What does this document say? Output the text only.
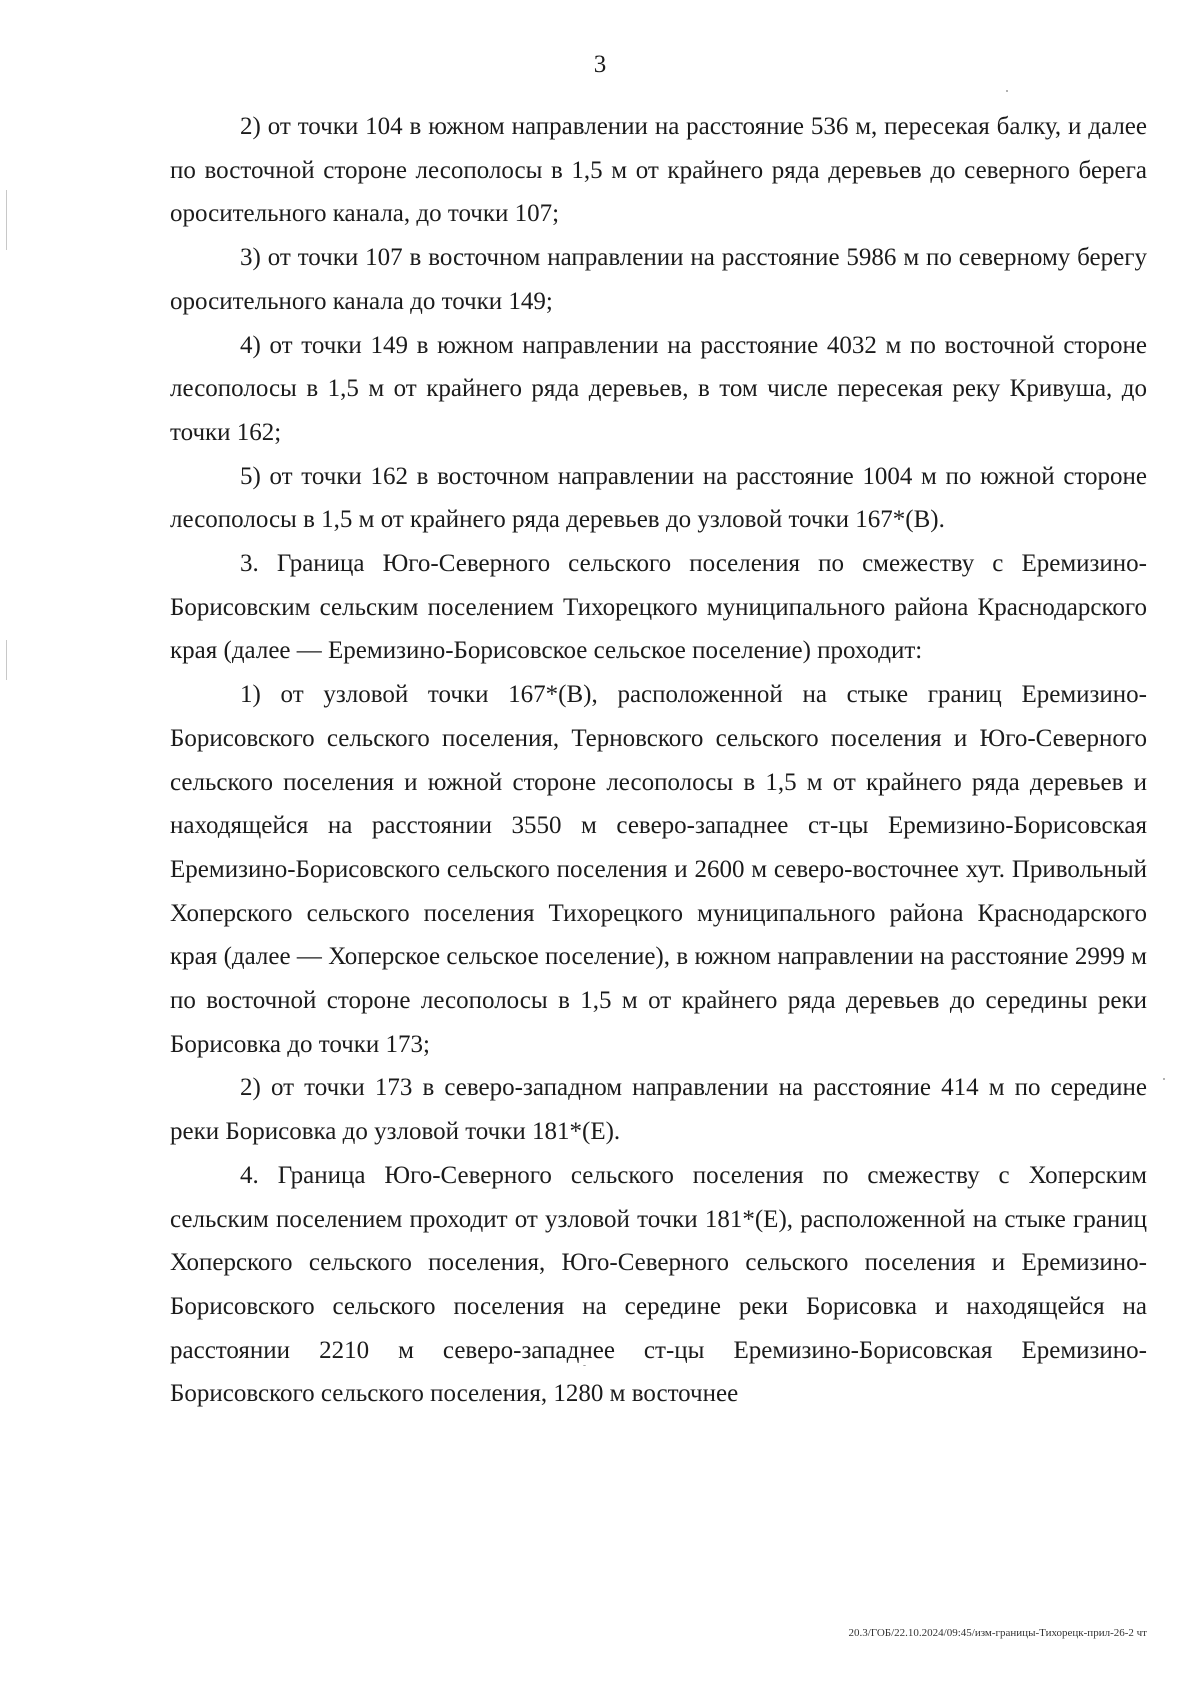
3

2) от точки 104 в южном направлении на расстояние 536 м, пересекая балку, и далее по восточной стороне лесополосы в 1,5 м от крайнего ряда деревьев до северного берега оросительного канала, до точки 107;

3) от точки 107 в восточном направлении на расстояние 5986 м по северному берегу оросительного канала до точки 149;

4) от точки 149 в южном направлении на расстояние 4032 м по восточной стороне лесополосы в 1,5 м от крайнего ряда деревьев, в том числе пересекая реку Кривуша, до точки 162;

5) от точки 162 в восточном направлении на расстояние 1004 м по южной стороне лесополосы в 1,5 м от крайнего ряда деревьев до узловой точки 167*(В).

3. Граница Юго-Северного сельского поселения по смежеству с Еремизино-Борисовским сельским поселением Тихорецкого муниципального района Краснодарского края (далее — Еремизино-Борисовское сельское поселение) проходит:

1) от узловой точки 167*(В), расположенной на стыке границ Еремизино-Борисовского сельского поселения, Терновского сельского поселения и Юго-Северного сельского поселения и южной стороне лесополосы в 1,5 м от крайнего ряда деревьев и находящейся на расстоянии 3550 м северо-западнее ст-цы Еремизино-Борисовская Еремизино-Борисовского сельского поселения и 2600 м северо-восточнее хут. Привольный Хоперского сельского поселения Тихорецкого муниципального района Краснодарского края (далее — Хоперское сельское поселение), в южном направлении на расстояние 2999 м по восточной стороне лесополосы в 1,5 м от крайнего ряда деревьев до середины реки Борисовка до точки 173;

2) от точки 173 в северо-западном направлении на расстояние 414 м по середине реки Борисовка до узловой точки 181*(Е).

4. Граница Юго-Северного сельского поселения по смежеству с Хоперским сельским поселением проходит от узловой точки 181*(Е), расположенной на стыке границ Хоперского сельского поселения, Юго-Северного сельского поселения и Еремизино-Борисовского сельского поселения на середине реки Борисовка и находящейся на расстоянии 2210 м северо-западнее ст-цы Еремизино-Борисовская Еремизино-Борисовского сельского поселения, 1280 м восточнее

20.3/ГОБ/22.10.2024/09:45/изм-границы-Тихорецк-прил-26-2 чт
